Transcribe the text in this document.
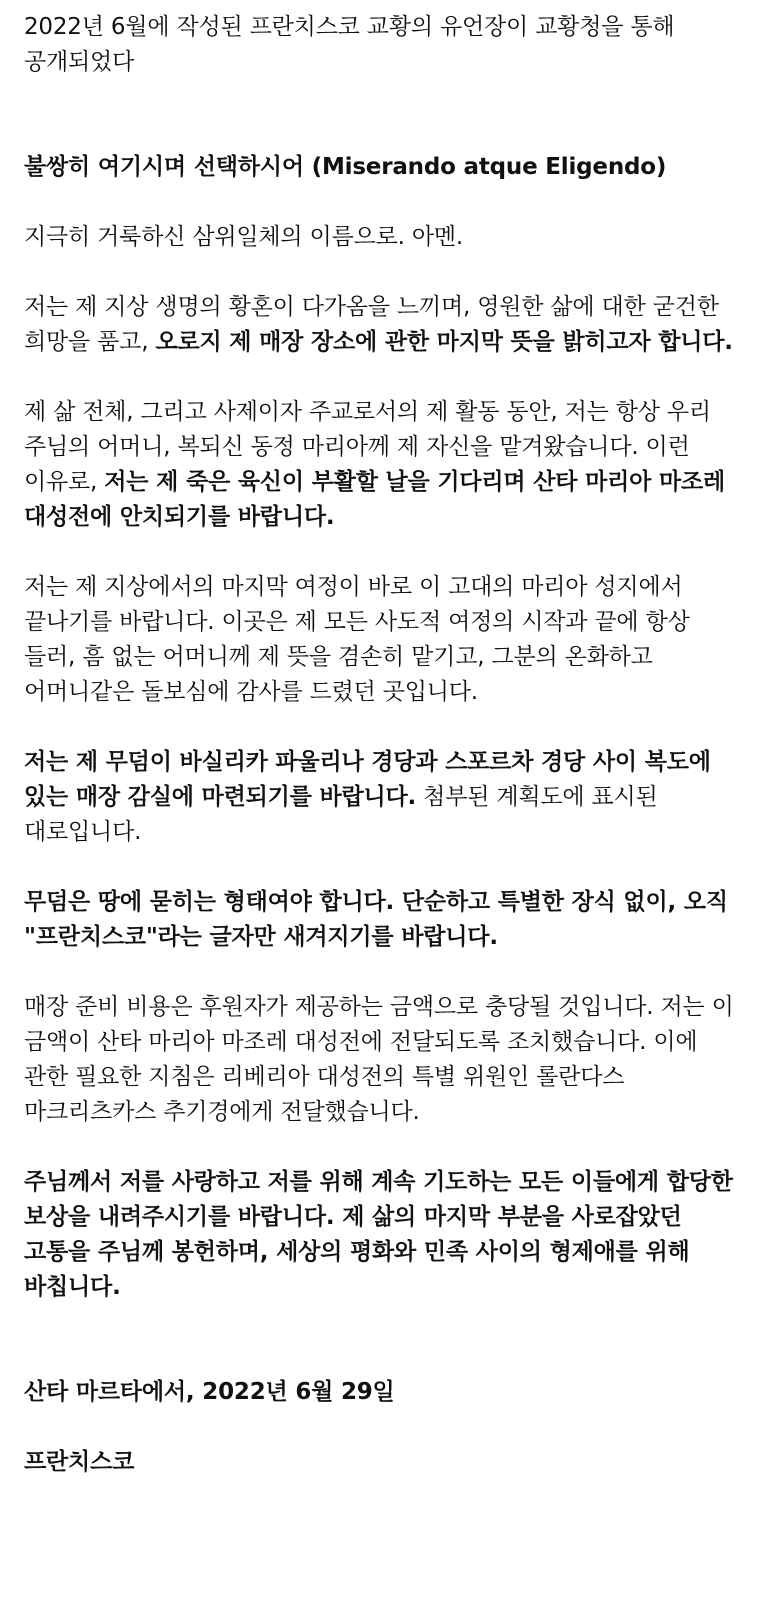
2022년 6월에 작성된 프란치스코 교황의 유언장이 교황청을 통해 공개되었다

불쌍히 여기시며 선택하시어 (Miserando atque Eligendo)

지극히 거룩하신 삼위일체의 이름으로. 아멘.

저는 제 지상 생명의 황혼이 다가옴을 느끼며, 영원한 삶에 대한 굳건한 희망을 품고, 오로지 제 매장 장소에 관한 마지막 뜻을 밝히고자 합니다.

제 삶 전체, 그리고 사제이자 주교로서의 제 활동 동안, 저는 항상 우리 주님의 어머니, 복되신 동정 마리아께 제 자신을 맡겨왔습니다. 이런 이유로, 저는 제 죽은 육신이 부활할 날을 기다리며 산타 마리아 마조레 대성전에 안치되기를 바랍니다.

저는 제 지상에서의 마지막 여정이 바로 이 고대의 마리아 성지에서 끝나기를 바랍니다. 이곳은 제 모든 사도적 여정의 시작과 끝에 항상 들러, 흠 없는 어머니께 제 뜻을 겸손히 맡기고, 그분의 온화하고 어머니같은 돌보심에 감사를 드렸던 곳입니다.

저는 제 무덤이 바실리카 파울리나 경당과 스포르차 경당 사이 복도에 있는 매장 감실에 마련되기를 바랍니다. 첨부된 계획도에 표시된 대로입니다.

무덤은 땅에 묻히는 형태여야 합니다. 단순하고 특별한 장식 없이, 오직 "프란치스코"라는 글자만 새겨지기를 바랍니다.

매장 준비 비용은 후원자가 제공하는 금액으로 충당될 것입니다. 저는 이 금액이 산타 마리아 마조레 대성전에 전달되도록 조치했습니다. 이에 관한 필요한 지침은 리베리아 대성전의 특별 위원인 롤란다스 마크리츠카스 추기경에게 전달했습니다.

주님께서 저를 사랑하고 저를 위해 계속 기도하는 모든 이들에게 합당한 보상을 내려주시기를 바랍니다. 제 삶의 마지막 부분을 사로잡았던 고통을 주님께 봉헌하며, 세상의 평화와 민족 사이의 형제애를 위해 바칩니다.

산타 마르타에서, 2022년 6월 29일

프란치스코
